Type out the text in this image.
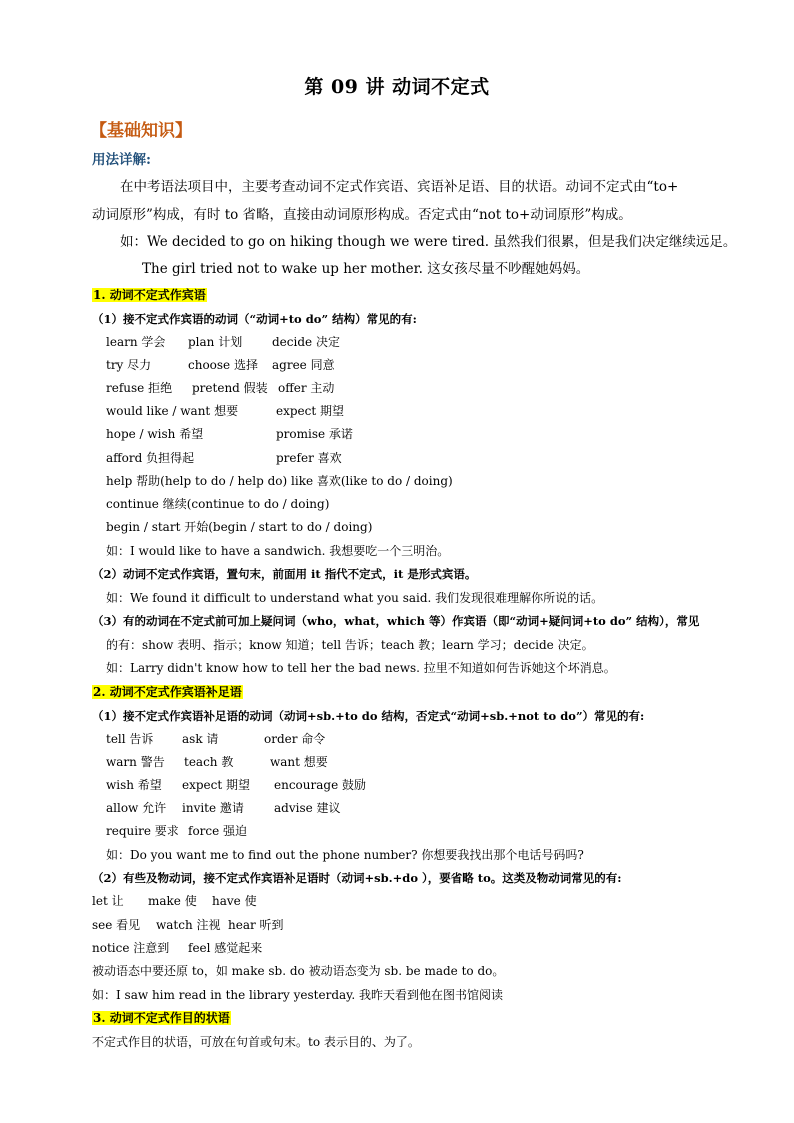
第 09 讲 动词不定式
【基础知识】
用法详解:
在中考语法项目中，主要考查动词不定式作宾语、宾语补足语、目的状语。动词不定式由“to+
动词原形”构成，有时 to 省略，直接由动词原形构成。否定式由“not to+动词原形”构成。
如：We decided to go on hiking though we were tired. 虽然我们很累，但是我们决定继续远足。
The girl tried not to wake up her mother. 这女孩尽量不吵醒她妈妈。
1. 动词不定式作宾语
（1）接不定式作宾语的动词（“动词+to do” 结构）常见的有:
learn 学会 plan 计划 decide 决定
try 尽力	choose 选择 agree 同意
refuse 拒绝 pretend 假装 offer 主动
would like / want 想要	expect 期望
hope / wish 希望	promise 承诺
afford 负担得起	prefer 喜欢
help 帮助(help to do / help do) like 喜欢(like to do / doing)
continue 继续(continue to do / doing)
begin / start 开始(begin / start to do / doing)
如：I would like to have a sandwich. 我想要吃一个三明治。
（2）动词不定式作宾语，置句末，前面用 it 指代不定式，it 是形式宾语。
如：We found it difficult to understand what you said. 我们发现很难理解你所说的话。
（3）有的动词在不定式前可加上疑问词（who，what，which 等）作宾语（即“动词+疑问词+to do” 结构），常见
的有：show 表明、指示；know 知道；tell 告诉；teach 教；learn 学习；decide 决定。
如：Larry didn't know how to tell her the bad news. 拉里不知道如何告诉她这个坏消息。
2. 动词不定式作宾语补足语
（1）接不定式作宾语补足语的动词（动词+sb.+to do 结构，否定式“动词+sb.+not to do”）常见的有:
tell 告诉 ask 请	order 命令
warn 警告 teach 教	want 想要
wish 希望 expect 期望 encourage 鼓励
allow 允许 invite 邀请	advise 建议
require 要求 force 强迫
如：Do you want me to find out the phone number? 你想要我找出那个电话号码吗?
（2）有些及物动词，接不定式作宾语补足语时（动词+sb.+do ），要省略 to。这类及物动词常见的有:
let 让 make 使 have 使
see 看见 watch 注视 hear 听到
notice 注意到 feel 感觉起来
被动语态中要还原 to，如 make sb. do 被动语态变为 sb. be made to do。
如：I saw him read in the library yesterday. 我昨天看到他在图书馆阅读
3. 动词不定式作目的状语
不定式作目的状语，可放在句首或句末。to 表示目的、为了。
